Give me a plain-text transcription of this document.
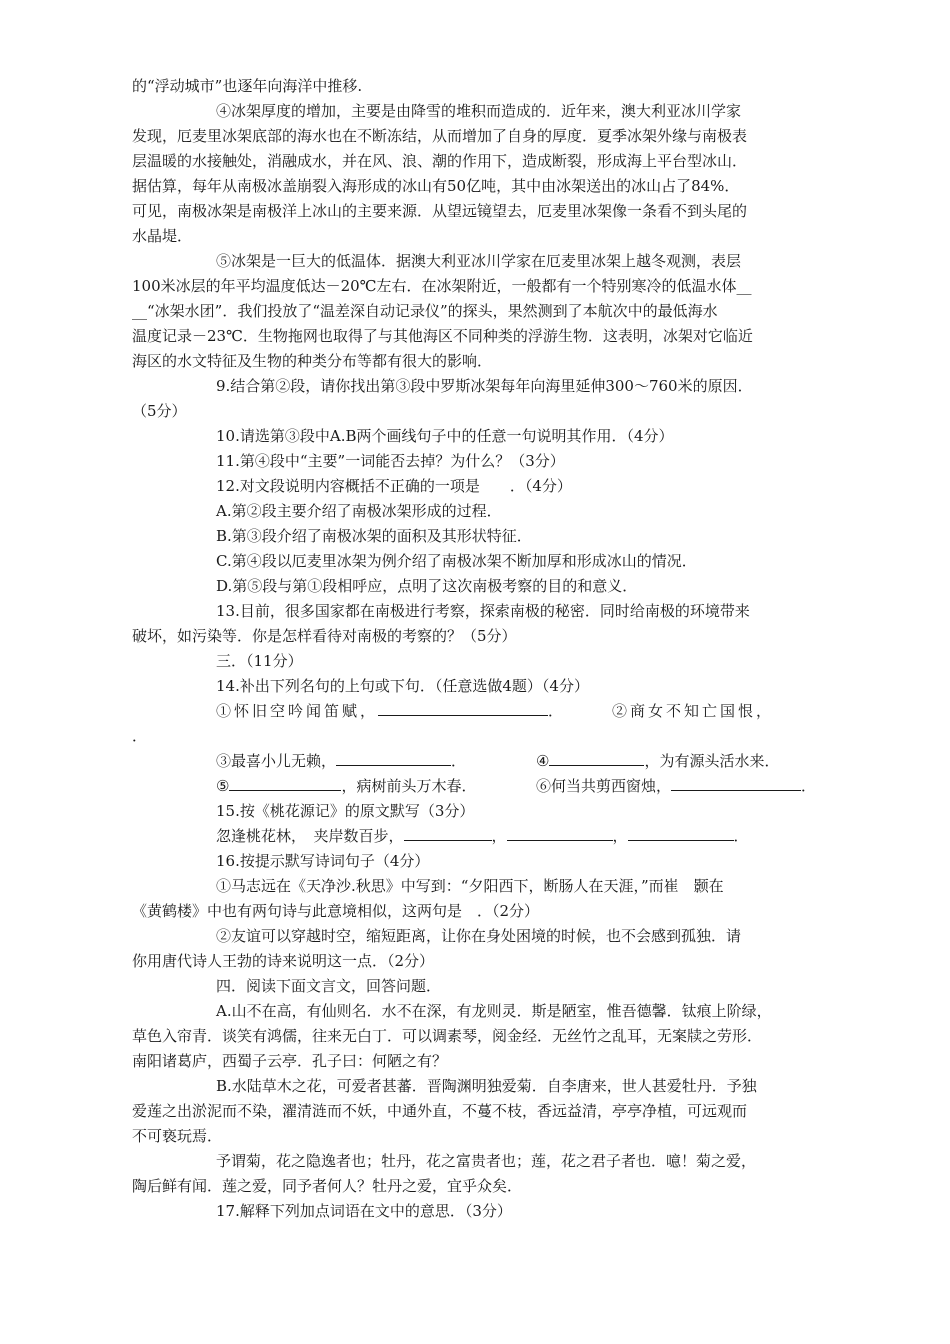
的“浮动城市”也逐年向海洋中推移.
④冰架厚度的增加，主要是由降雪的堆积而造成的．近年来，澳大利亚冰川学家
发现，厄麦里冰架底部的海水也在不断冻结，从而增加了自身的厚度．夏季冰架外缘与南极表
层温暖的水接触处，消融成水，并在风、浪、潮的作用下，造成断裂，形成海上平台型冰山．
据估算，每年从南极冰盖崩裂入海形成的冰山有50亿吨，其中由冰架送出的冰山占了84%．
可见，南极冰架是南极洋上冰山的主要来源．从望远镜望去，厄麦里冰架像一条看不到头尾的
水晶堤．
⑤冰架是一巨大的低温体．据澳大利亚冰川学家在厄麦里冰架上越冬观测，表层
100米冰层的年平均温度低达－20℃左右．在冰架附近，一般都有一个特别寒冷的低温水体__
__“冰架水团”．我们投放了“温差深自动记录仪”的探头，果然测到了本航次中的最低海水
温度记录－23℃．生物拖网也取得了与其他海区不同种类的浮游生物．这表明，冰架对它临近
海区的水文特征及生物的种类分布等都有很大的影响．
9.结合第②段，请你找出第③段中罗斯冰架每年向海里延伸300～760米的原因．
（5分）
10.请选第③段中A.B两个画线句子中的任意一句说明其作用．（4分）
11.第④段中“主要”一词能否去掉？为什么？（3分）
12.对文段说明内容概括不正确的一项是　　．（4分）
A.第②段主要介绍了南极冰架形成的过程．
B.第③段介绍了南极冰架的面积及其形状特征．
C.第④段以厄麦里冰架为例介绍了南极冰架不断加厚和形成冰山的情况．
D.第⑤段与第①段相呼应，点明了这次南极考察的目的和意义．
13.目前，很多国家都在南极进行考察，探索南极的秘密．同时给南极的环境带来
破坏，如污染等．你是怎样看待对南极的考察的？（5分）
三．（11分）
14.补出下列名句的上句或下句．（任意选做4题）（4分）
①怀旧空吟闻笛赋，	．	②商女不知亡国恨，
．
③最喜小儿无赖，	．	④	，为有源头活水来．
⑤	，病树前头万木春．	⑥何当共剪西窗烛，	．
15.按《桃花源记》的原文默写（3分）
忽逢桃花林，　夹岸数百步，	，	，	．
16.按提示默写诗词句子（4分）
①马志远在《天净沙.秋思》中写到：“夕阳西下，断肠人在天涯，”而崔　颢在
《黄鹤楼》中也有两句诗与此意境相似，这两句是　．（2分）
②友谊可以穿越时空，缩短距离，让你在身处困境的时候，也不会感到孤独．请
你用唐代诗人王勃的诗来说明这一点．（2分）
四．阅读下面文言文，回答问题．
A.山不在高，有仙则名．水不在深，有龙则灵．斯是陋室，惟吾德馨．钛痕上阶绿，
草色入帘青．谈笑有鸿儒，往来无白丁．可以调素琴，阅金经．无丝竹之乱耳，无案牍之劳形．
南阳诸葛庐，西蜀子云亭．孔子曰：何陋之有？
B.水陆草木之花，可爱者甚蕃．晋陶渊明独爱菊．自李唐来，世人甚爱牡丹．予独
爱莲之出淤泥而不染，濯清涟而不妖，中通外直，不蔓不枝，香远益清，亭亭净植，可远观而
不可亵玩焉．
予谓菊，花之隐逸者也；牡丹，花之富贵者也；莲，花之君子者也．噫！菊之爱，
陶后鲜有闻．莲之爱，同予者何人？牡丹之爱，宜乎众矣．
17.解释下列加点词语在文中的意思．（3分）
